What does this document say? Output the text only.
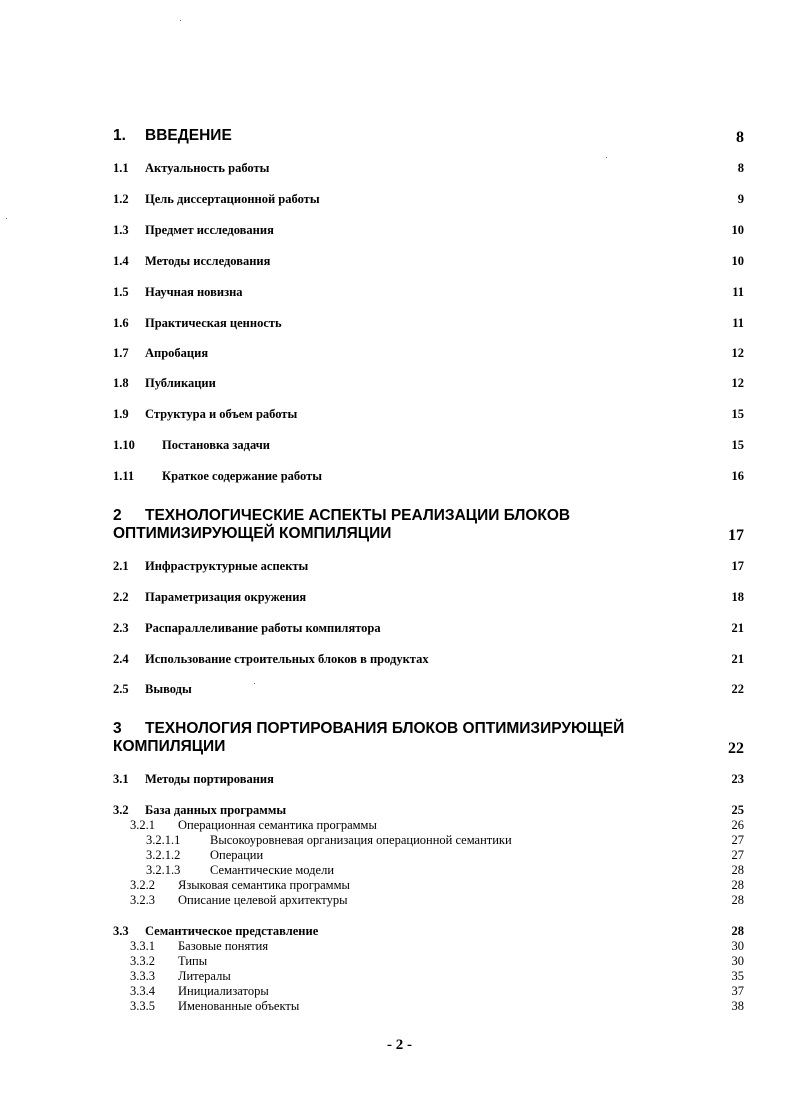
1. ВВЕДЕНИЕ	8
1.1 Актуальность работы	8
1.2 Цель диссертационной работы	9
1.3 Предмет исследования	10
1.4 Методы исследования	10
1.5 Научная новизна	11
1.6 Практическая ценность	11
1.7 Апробация	12
1.8 Публикации	12
1.9 Структура и объем работы	15
1.10 Постановка задачи	15
1.11 Краткое содержание работы	16
2 ТЕХНОЛОГИЧЕСКИЕ АСПЕКТЫ РЕАЛИЗАЦИИ БЛОКОВ
ОПТИМИЗИРУЮЩЕЙ КОМПИЛЯЦИИ	17
2.1 Инфраструктурные аспекты	17
2.2 Параметризация окружения	18
2.3 Распараллеливание работы компилятора	21
2.4 Использование строительных блоков в продуктах	21
2.5 Выводы	22
3 ТЕХНОЛОГИЯ ПОРТИРОВАНИЯ БЛОКОВ ОПТИМИЗИРУЮЩЕЙ
КОМПИЛЯЦИИ	22
3.1 Методы портирования	23
3.2 База данных программы	25
3.2.1 Операционная семантика программы	26
3.2.1.1 Высокоуровневая организация операционной семантики	27
3.2.1.2 Операции	27
3.2.1.3 Семантические модели	28
3.2.2 Языковая семантика программы	28
3.2.3 Описание целевой архитектуры	28
3.3 Семантическое представление	28
3.3.1 Базовые понятия	30
3.3.2 Типы	30
3.3.3 Литералы	35
3.3.4 Инициализаторы	37
3.3.5 Именованные объекты	38
- 2 -
